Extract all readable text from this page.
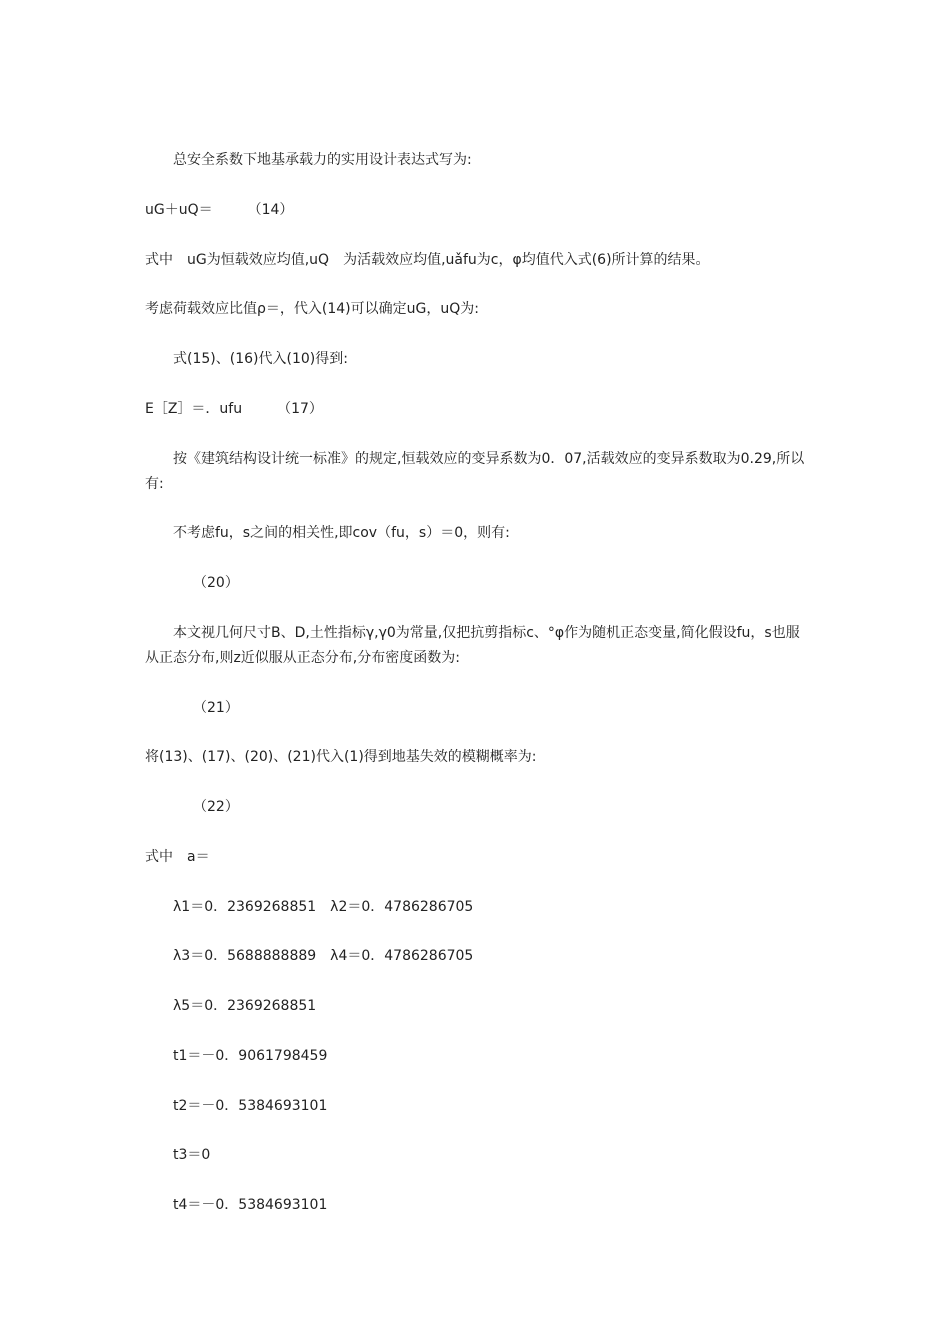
总安全系数下地基承载力的实用设计表达式写为:
uG＋uQ＝　　　（14）
式中　uG为恒载效应均值,uQ　为活载效应均值,uǎfu为c，φ均值代入式(6)所计算的结果。
考虑荷载效应比值ρ＝，代入(14)可以确定uG，uQ为:
式(15)、(16)代入(10)得到:
E［Z］＝．ufu　　　（17）
按《建筑结构设计统一标准》的规定,恒载效应的变异系数为0．07,活载效应的变异系数取为0.29,所以有:
不考虑fu，s之间的相关性,即cov（fu，s）＝0，则有:
（20）
本文视几何尺寸B、D,土性指标γ,γ0为常量,仅把抗剪指标c、°φ作为随机正态变量,简化假设fu，s也服从正态分布,则z近似服从正态分布,分布密度函数为:
（21）
将(13)、(17)、(20)、(21)代入(1)得到地基失效的模糊概率为:
（22）
式中　a＝
λ1＝0．2369268851　λ2＝0．4786286705
λ3＝0．5688888889　λ4＝0．4786286705
λ5＝0．2369268851
t1＝－0．9061798459
t2＝－0．5384693101
t3＝0
t4＝－0．5384693101
